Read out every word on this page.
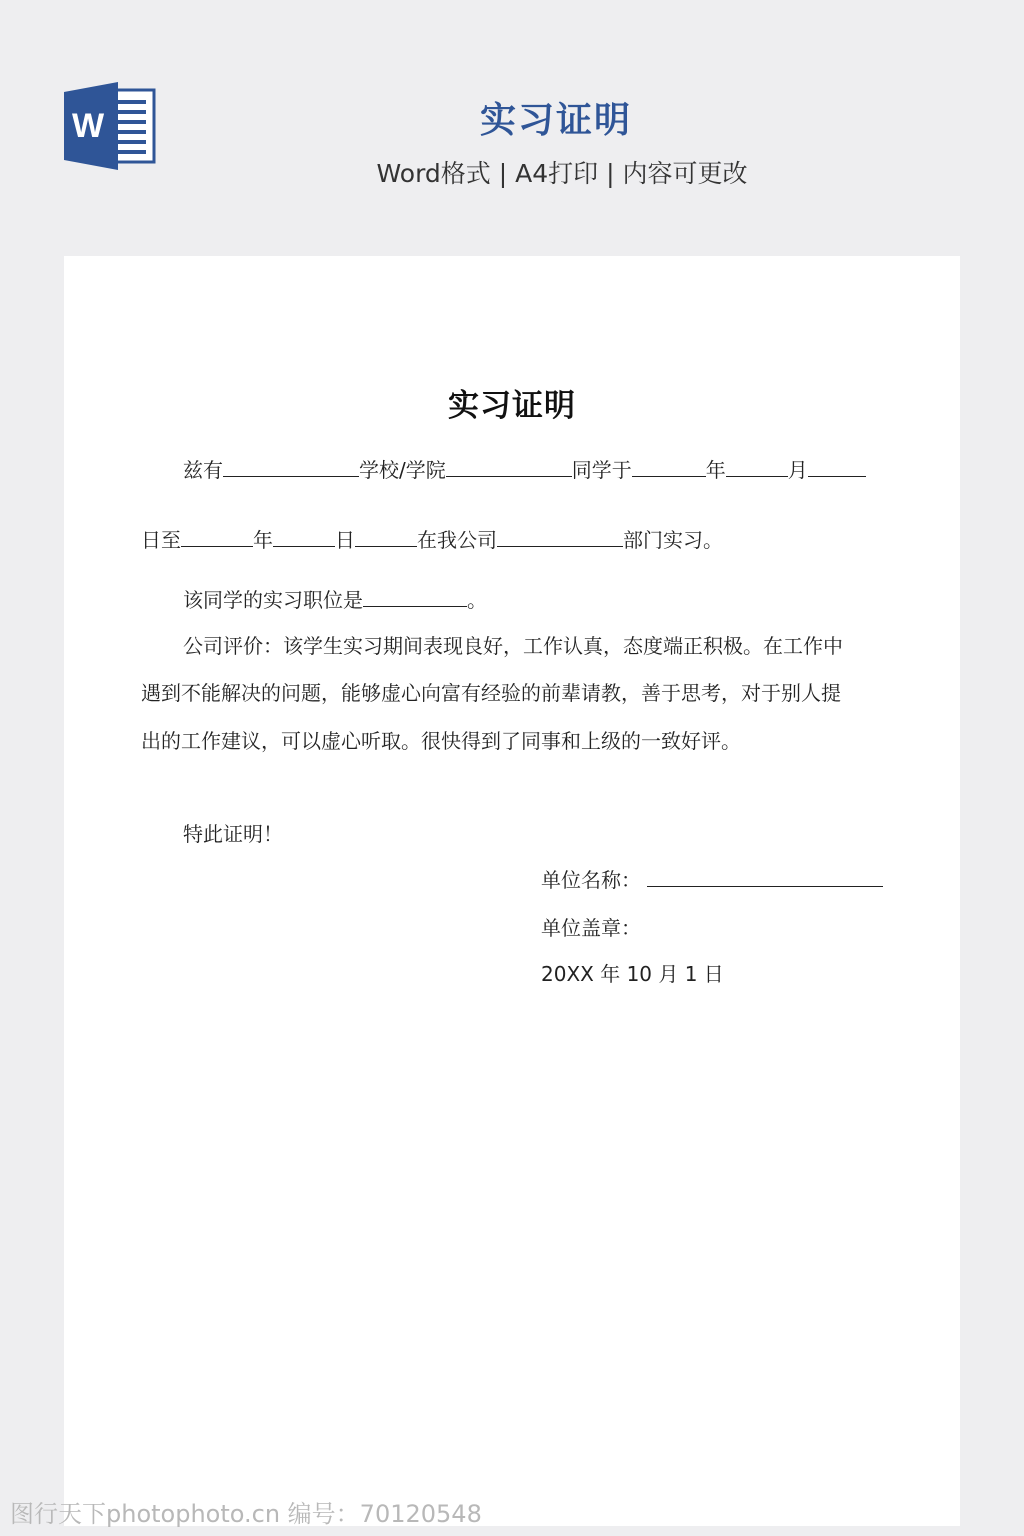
W	实习证明
Word格式 | A4打印 | 内容可更改
实习证明
兹有	学校/学院	同学于	年	月
日至	年	日	在我公司	部门实习。
该同学的实习职位是	。
公司评价：该学生实习期间表现良好，工作认真，态度端正积极。在工作中
遇到不能解决的问题，能够虚心向富有经验的前辈请教，善于思考，对于别人提
出的工作建议，可以虚心听取。很快得到了同事和上级的一致好评。
特此证明！
单位名称：
单位盖章：
20XX 年 10 月 1 日
图行天下photophoto.cn 编号：70120548
